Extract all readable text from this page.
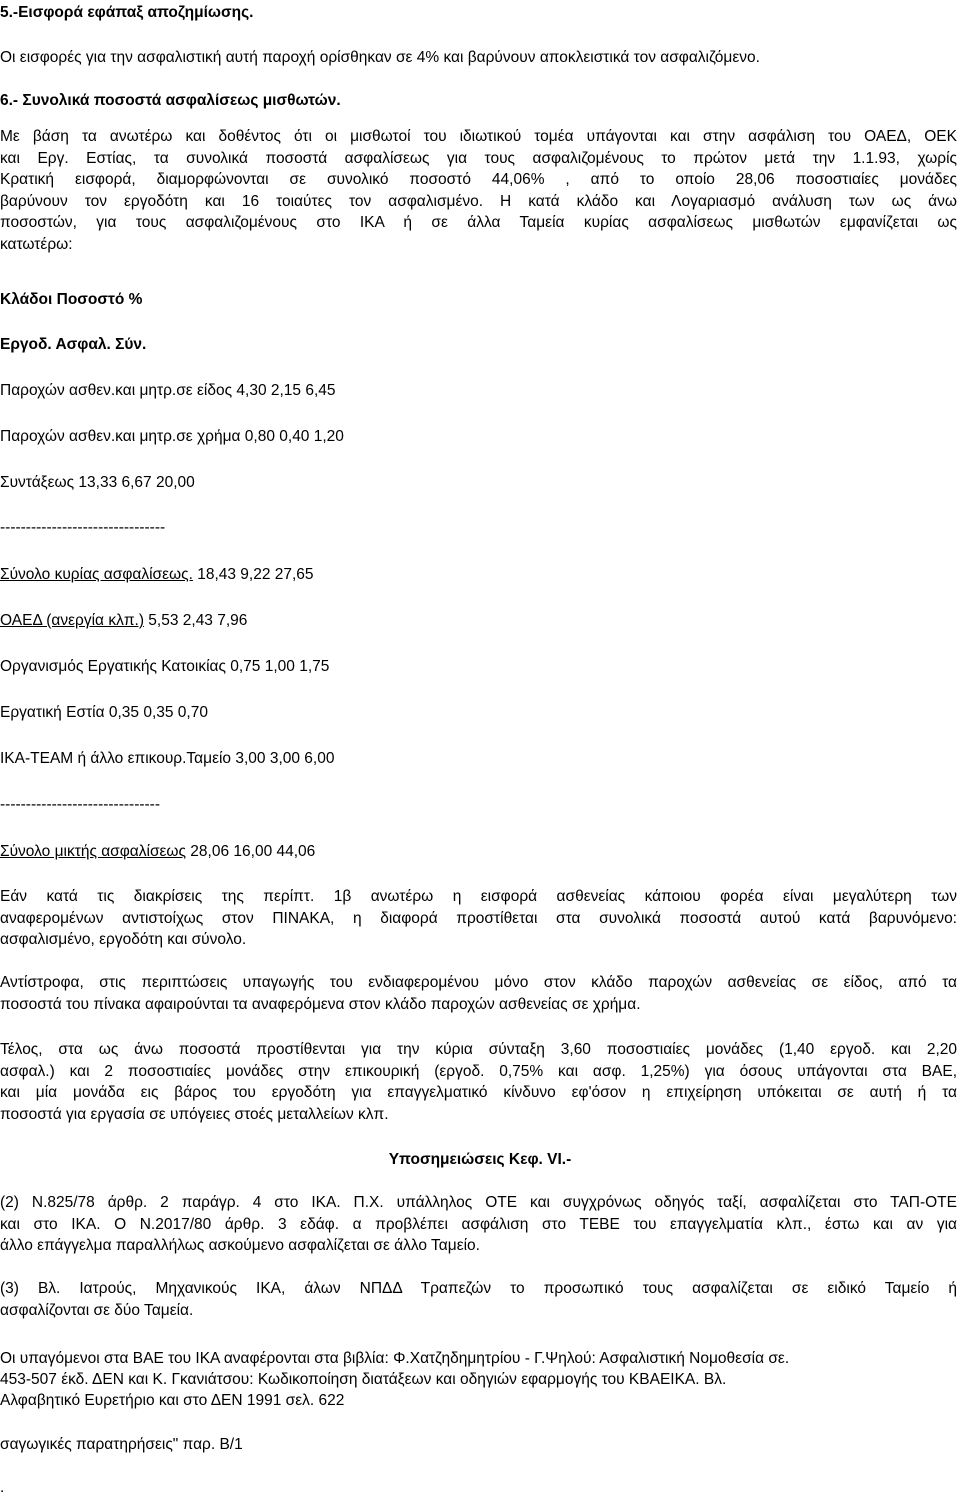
5.-Εισφορά εφάπαξ αποζημίωσης.
Οι εισφορές για την ασφαλιστική αυτή παροχή ορίσθηκαν σε 4% και βαρύνουν αποκλειστικά τον ασφαλιζόμενο.
6.- Συνολικά ποσοστά ασφαλίσεως μισθωτών.
Με βάση τα ανωτέρω και δοθέντος ότι οι μισθωτοί του ιδιωτικού τομέα υπάγονται και στην ασφάλιση του ΟΑΕΔ, ΟΕΚ
και Εργ. Εστίας, τα συνολικά ποσοστά ασφαλίσεως για τους ασφαλιζομένους το πρώτον μετά την 1.1.93, χωρίς
Κρατική εισφορά, διαμορφώνονται σε συνολικό ποσοστό 44,06% , από το οποίο 28,06 ποσοστιαίες μονάδες
βαρύνουν τον εργοδότη και 16 τοιαύτες τον ασφαλισμένο. Η κατά κλάδο και Λογαριασμό ανάλυση των ως άνω
ποσοστών, για τους ασφαλιζομένους στο ΙΚΑ ή σε άλλα Ταμεία κυρίας ασφαλίσεως μισθωτών εμφανίζεται ως
κατωτέρω:
Κλάδοι Ποσοστό %
Εργοδ. Ασφαλ. Σύν.
Παροχών ασθεν.και μητρ.σε είδος 4,30 2,15 6,45
Παροχών ασθεν.και μητρ.σε χρήμα 0,80 0,40 1,20
Συντάξεως 13,33 6,67 20,00
--------------------------------
Σύνολο κυρίας ασφαλίσεως. 18,43 9,22 27,65
ΟΑΕΔ (ανεργία κλπ.) 5,53 2,43 7,96
Οργανισμός Εργατικής Κατοικίας 0,75 1,00 1,75
Εργατική Εστία 0,35 0,35 0,70
ΙΚΑ-ΤΕΑΜ ή άλλο επικουρ.Ταμείο 3,00 3,00 6,00
-------------------------------
Σύνολο μικτής ασφαλίσεως 28,06 16,00 44,06
Εάν κατά τις διακρίσεις της περίπτ. 1β ανωτέρω η εισφορά ασθενείας κάποιου φορέα είναι μεγαλύτερη των
αναφερομένων αντιστοίχως στον ΠΙΝΑΚΑ, η διαφορά προστίθεται στα συνολικά ποσοστά αυτού κατά βαρυνόμενο:
ασφαλισμένο, εργοδότη και σύνολο.
Αντίστροφα, στις περιπτώσεις υπαγωγής του ενδιαφερομένου μόνο στον κλάδο παροχών ασθενείας σε είδος, από τα
ποσοστά του πίνακα αφαιρούνται τα αναφερόμενα στον κλάδο παροχών ασθενείας σε χρήμα.
Τέλος, στα ως άνω ποσοστά προστίθενται για την κύρια σύνταξη 3,60 ποσοστιαίες μονάδες (1,40 εργοδ. και 2,20
ασφαλ.) και 2 ποσοστιαίες μονάδες στην επικουρική (εργοδ. 0,75% και ασφ. 1,25%) για όσους υπάγονται στα ΒΑΕ,
και μία μονάδα εις βάρος του εργοδότη για επαγγελματικό κίνδυνο εφ'όσον η επιχείρηση υπόκειται σε αυτή ή τα
ποσοστά για εργασία σε υπόγειες στοές μεταλλείων κλπ.
Υποσημειώσεις Κεφ. VI.-
(2) Ν.825/78 άρθρ. 2 παράγρ. 4 στο ΙΚΑ. Π.Χ. υπάλληλος ΟΤΕ και συγχρόνως οδηγός ταξί, ασφαλίζεται στο ΤΑΠ-ΟΤΕ
και στο ΙΚΑ. Ο Ν.2017/80 άρθρ. 3 εδάφ. α προβλέπει ασφάλιση στο ΤΕΒΕ του επαγγελματία κλπ., έστω και αν για
άλλο επάγγελμα παραλλήλως ασκούμενο ασφαλίζεται σε άλλο Ταμείο.
(3) Βλ. Ιατρούς, Μηχανικούς ΙΚΑ, άλων ΝΠΔΔ Τραπεζών το προσωπικό τους ασφαλίζεται σε ειδικό Ταμείο ή
ασφαλίζονται σε δύο Ταμεία.
Οι υπαγόμενοι στα ΒΑΕ του ΙΚΑ αναφέρονται στα βιβλία: Φ.Χατζηδημητρίου - Γ.Ψηλού: Ασφαλιστική Νομοθεσία σε.
453-507 έκδ. ΔΕΝ και Κ. Γκανιάτσου: Κωδικοποίηση διατάξεων και οδηγιών εφαρμογής του ΚΒΑΕΙΚΑ. Βλ.
Αλφαβητικό Ευρετήριο και στο ΔΕΝ 1991 σελ. 622
σαγωγικές παρατηρήσεις" παρ. Β/1
.
